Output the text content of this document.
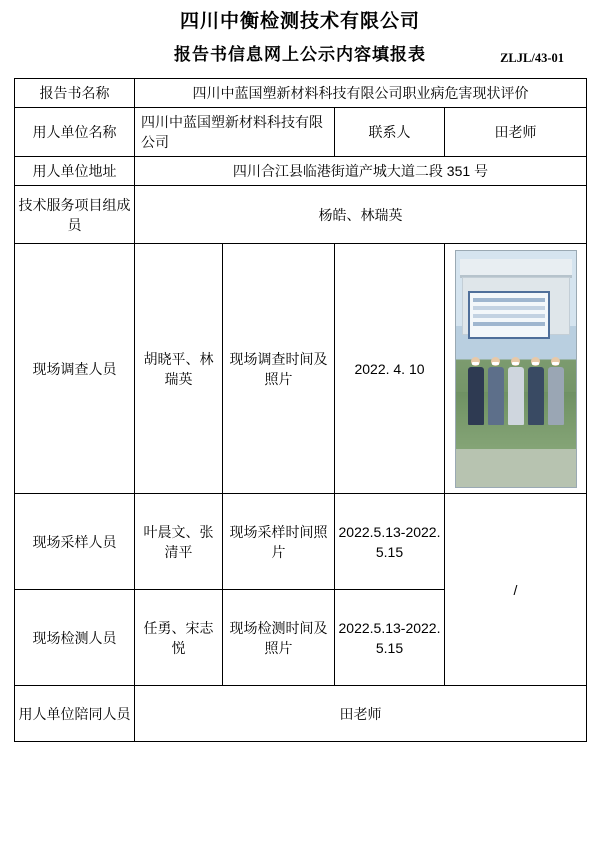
四川中衡检测技术有限公司
报告书信息网上公示内容填报表	ZLJL/43-01
报告书名称	四川中蓝国塑新材料科技有限公司职业病危害现状评价			
用人单位名称	四川中蓝国塑新材料科技有限公司		联系人	田老师
用人单位地址	四川合江县临港街道产城大道二段 351 号			
技术服务项目组成员	杨皓、林瑞英			
现场调查人员	胡晓平、林瑞英	现场调查时间及照片	2022. 4. 10	

现场采样人员	叶晨文、张清平	现场采样时间照片	2022.5.13-2022.5.15	/
现场检测人员	任勇、宋志悦	现场检测时间及照片	2022.5.13-2022.5.15	
用人单位陪同人员	田老师			
